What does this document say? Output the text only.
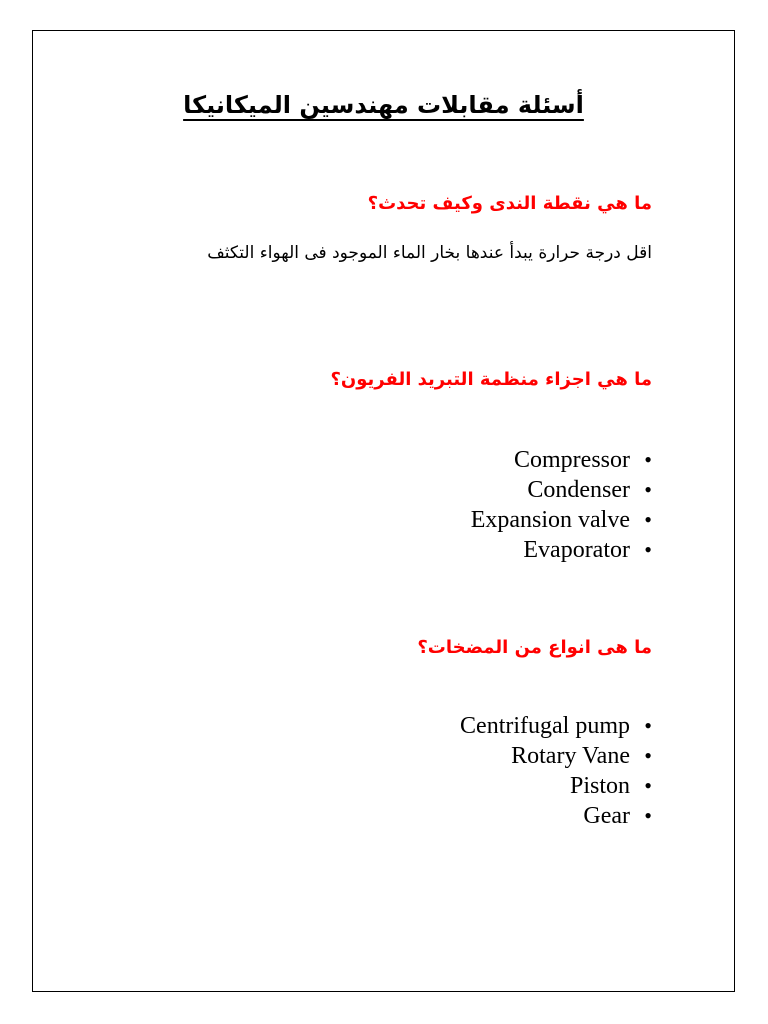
أسئلة مقابلات مهندسين الميكانيكا
ما هي نقطة الندى وكيف تحدث؟
اقل درجة حرارة يبدأ عندها بخار الماء الموجود فى الهواء التكثف
ما هي اجزاء منظمة التبريد الفريون؟
Compressor •
Condenser •
Expansion valve •
Evaporator •
ما هى انواع من المضخات؟
Centrifugal pump •
Rotary Vane •
Piston •
Gear •
